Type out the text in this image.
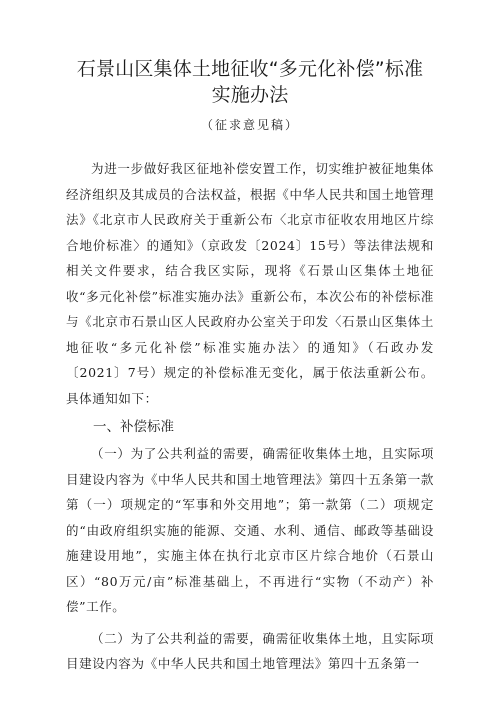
石景山区集体土地征收“多元化补偿”标准实施办法
（征求意见稿）

为进一步做好我区征地补偿安置工作，切实维护被征地集体经济组织及其成员的合法权益，根据《中华人民共和国土地管理法》《北京市人民政府关于重新公布〈北京市征收农用地区片综合地价标准〉的通知》（京政发〔2024〕15号）等法律法规和相关文件要求，结合我区实际，现将《石景山区集体土地征收“多元化补偿”标准实施办法》重新公布，本次公布的补偿标准与《北京市石景山区人民政府办公室关于印发〈石景山区集体土地征收“多元化补偿”标准实施办法〉的通知》（石政办发〔2021〕7号）规定的补偿标准无变化，属于依法重新公布。具体通知如下：

一、补偿标准

（一）为了公共利益的需要，确需征收集体土地，且实际项目建设内容为《中华人民共和国土地管理法》第四十五条第一款第（一）项规定的“军事和外交用地”；第一款第（二）项规定的“由政府组织实施的能源、交通、水利、通信、邮政等基础设施建设用地”，实施主体在执行北京市区片综合地价（石景山区）“80万元/亩”标准基础上，不再进行“实物（不动产）补偿”工作。

（二）为了公共利益的需要，确需征收集体土地，且实际项目建设内容为《中华人民共和国土地管理法》第四十五条第一
